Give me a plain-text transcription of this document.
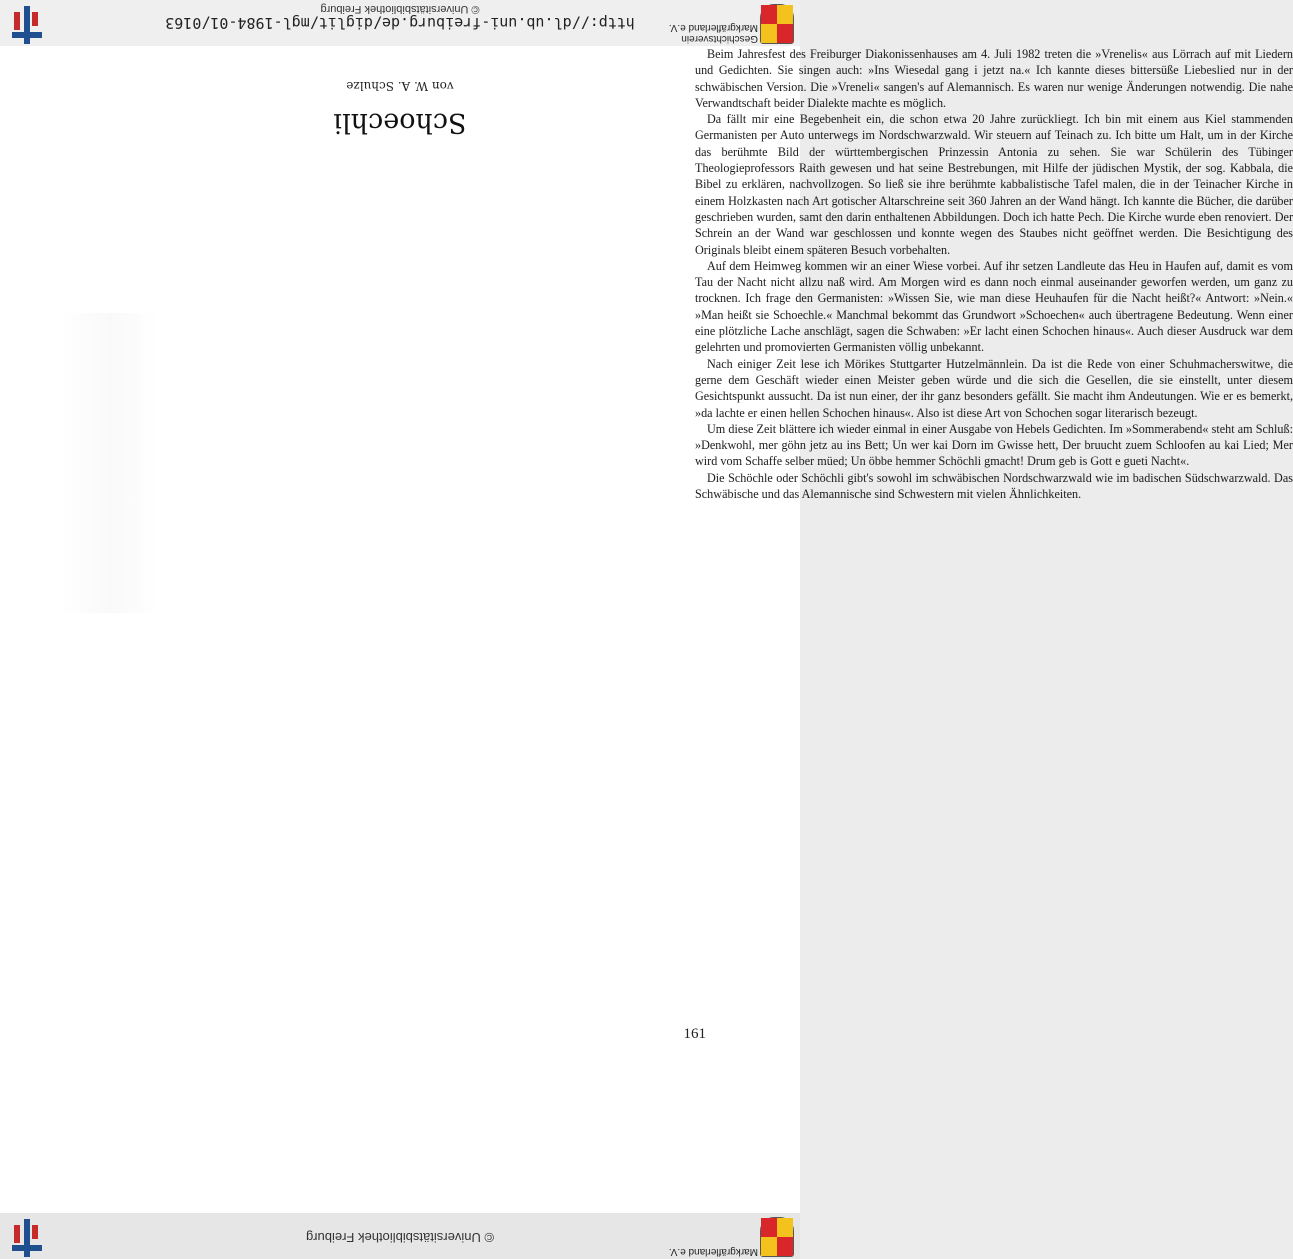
Markgräflerland e.V.
© Universitätsbibliothek Freiburg
Schoechli

von W. A. Schulze

Beim Jahresfest des Freiburger Diakonissenhauses am 4. Juli 1982 treten die »Vrenelis« aus Lörrach auf mit Liedern und Gedichten. Sie singen auch: »Ins Wiesedal gang i jetzt na.« Ich kannte dieses bittersüße Liebeslied nur in der schwäbischen Version. Die »Vreneli« sangen's auf Alemannisch. Es waren nur wenige Änderungen notwendig. Die nahe Verwandtschaft beider Dialekte machte es möglich.

Da fällt mir eine Begebenheit ein, die schon etwa 20 Jahre zurückliegt. Ich bin mit einem aus Kiel stammenden Germanisten per Auto unterwegs im Nordschwarzwald. Wir steuern auf Teinach zu. Ich bitte um Halt, um in der Kirche das berühmte Bild der württembergischen Prinzessin Antonia zu sehen. Sie war Schülerin des Tübinger Theologieprofessors Raith gewesen und hat seine Bestrebungen, mit Hilfe der jüdischen Mystik, der sog. Kabbala, die Bibel zu erklären, nachvollzogen. So ließ sie ihre berühmte kabbalistische Tafel malen, die in der Teinacher Kirche in einem Holzkasten nach Art gotischer Altarschreine seit 360 Jahren an der Wand hängt. Ich kannte die Bücher, die darüber geschrieben wurden, samt den darin enthaltenen Abbildungen. Doch ich hatte Pech. Die Kirche wurde eben renoviert. Der Schrein an der Wand war geschlossen und konnte wegen des Staubes nicht geöffnet werden. Die Besichtigung des Originals bleibt einem späteren Besuch vorbehalten.

Auf dem Heimweg kommen wir an einer Wiese vorbei. Auf ihr setzen Landleute das Heu in Haufen auf, damit es vom Tau der Nacht nicht allzu naß wird. Am Morgen wird es dann noch einmal auseinander geworfen werden, um ganz zu trocknen. Ich frage den Germanisten: »Wissen Sie, wie man diese Heuhaufen für die Nacht heißt?« Antwort: »Nein.« »Man heißt sie Schoechle.« Manchmal bekommt das Grundwort »Schoechen« auch übertragene Bedeutung. Wenn einer eine plötzliche Lache anschlägt, sagen die Schwaben: »Er lacht einen Schochen hinaus«. Auch dieser Ausdruck war dem gelehrten und promovierten Germanisten völlig unbekannt.

Nach einiger Zeit lese ich Mörikes Stuttgarter Hutzelmännlein. Da ist die Rede von einer Schuhmacherswitwe, die gerne dem Geschäft wieder einen Meister geben würde und die sich die Gesellen, die sie einstellt, unter diesem Gesichtspunkt aussucht. Da ist nun einer, der ihr ganz besonders gefällt. Sie macht ihm Andeutungen. Wie er es bemerkt, »da lachte er einen hellen Schochen hinaus«. Also ist diese Art von Schochen sogar literarisch bezeugt.

Um diese Zeit blättere ich wieder einmal in einer Ausgabe von Hebels Gedichten. Im »Sommerabend« steht am Schluß: »Denkwohl, mer göhn jetz au ins Bett; Un wer kai Dorn im Gwisse hett, Der bruucht zuem Schloofen au kai Lied; Mer wird vom Schaffe selber müed; Un öbbe hemmer Schöchli gmacht! Drum geb is Gott e gueti Nacht«.

Die Schöchle oder Schöchli gibt's sowohl im schwäbischen Nordschwarzwald wie im badischen Südschwarzwald. Das Schwäbische und das Alemannische sind Schwestern mit vielen Ähnlichkeiten.

161
http://dl.ub.uni-freiburg.de/diglit/mgl-1984-01/0163
© Universitätsbibliothek Freiburg
Geschichtsverein Markgräflerland e.V.
